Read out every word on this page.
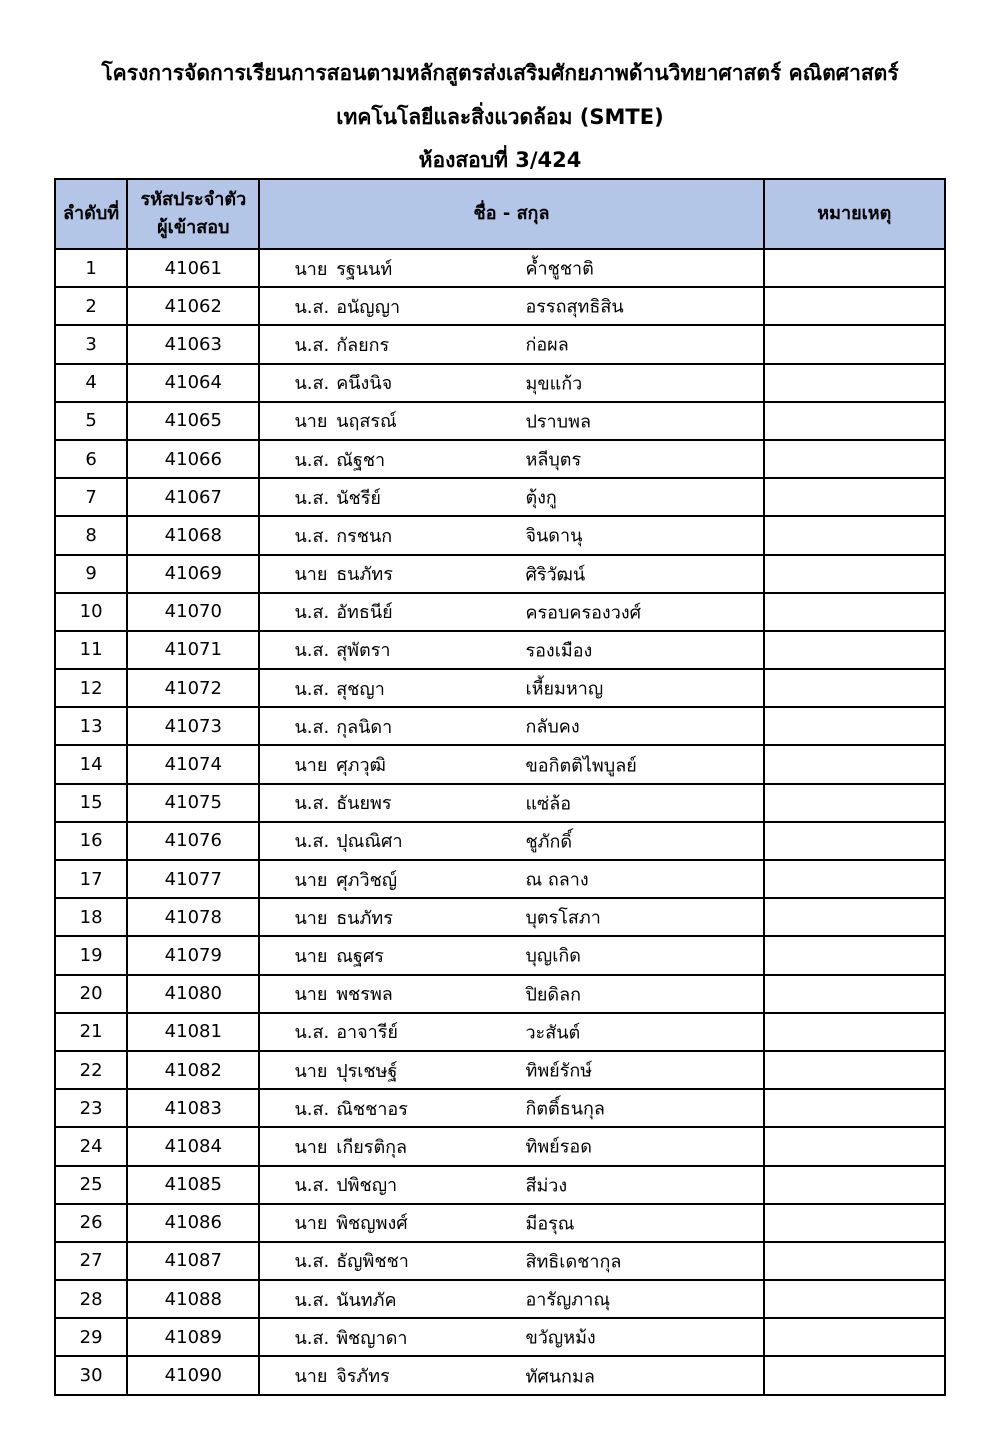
โครงการจัดการเรียนการสอนตามหลักสูตรส่งเสริมศักยภาพด้านวิทยาศาสตร์ คณิตศาสตร์
เทคโนโลยีและสิ่งแวดล้อม (SMTE)
ห้องสอบที่ 3/424
ลำดับที่	รหัสประจำตัว
ผู้เข้าสอบ	ชื่อ - สกุล	หมายเหตุ
1	41061	นาย รฐนนท์ ค้ำชูชาติ	

2	41062	น.ส. อนัญญา อรรถสุทธิสิน	

3	41063	น.ส. กัลยกร ก่อผล	

4	41064	น.ส. คนึงนิจ มุขแก้ว	

5	41065	นาย นฤสรณ์ ปราบพล	

6	41066	น.ส. ณัฐชา หลีบุตร	

7	41067	น.ส. นัชรีย์ ตุ้งกู	

8	41068	น.ส. กรชนก จินดานุ	

9	41069	นาย ธนภัทร ศิริวัฒน์	

10	41070	น.ส. อัทธนีย์ ครอบครองวงศ์	

11	41071	น.ส. สุพัตรา รองเมือง	

12	41072	น.ส. สุชญา เหี้ยมหาญ	

13	41073	น.ส. กุลนิดา กลับคง	

14	41074	นาย ศุภวุฒิ ขอกิตติไพบูลย์	

15	41075	น.ส. ธันยพร แซ่ล้อ	

16	41076	น.ส. ปุณณิศา ชูภักดิ์	

17	41077	นาย ศุภวิชญ์ ณ ถลาง	

18	41078	นาย ธนภัทร บุตรโสภา	

19	41079	นาย ณฐศร บุญเกิด	

20	41080	นาย พชรพล ปิยดิลก	

21	41081	น.ส. อาจารีย์ วะสันต์	

22	41082	นาย ปุรเชษฐ์ ทิพย์รักษ์	

23	41083	น.ส. ณิชชาอร กิตติ์ธนกุล	

24	41084	นาย เกียรติกุล ทิพย์รอด	

25	41085	น.ส. ปพิชญา สีม่วง	

26	41086	นาย พิชญพงศ์ มีอรุณ	

27	41087	น.ส. ธัญพิชชา สิทธิเดชากุล	

28	41088	น.ส. นันทภัค อารัญภาณุ	

29	41089	น.ส. พิชญาดา ขวัญหม้ง	

30	41090	นาย จิรภัทร ทัศนกมล	
